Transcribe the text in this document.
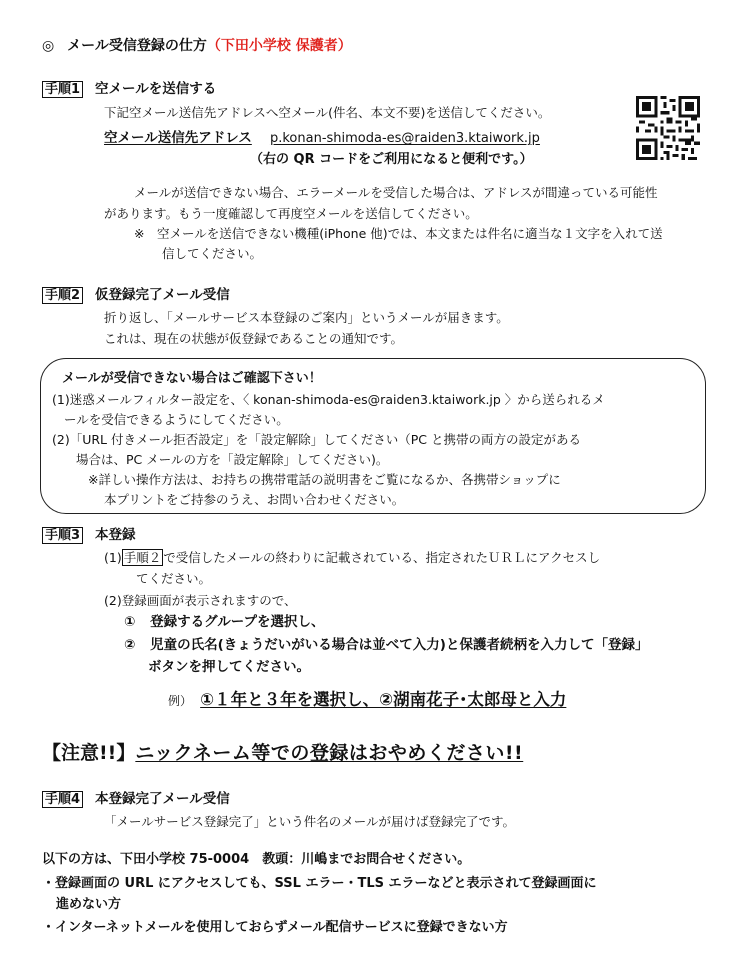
◎ メール受信登録の仕方（下田小学校 保護者）
手順1 空メールを送信する
下記空メール送信先アドレスへ空メール(件名、本文不要)を送信してください。
空メール送信先アドレス p.konan-shimoda-es@raiden3.ktaiwork.jp
（右の QR コードをご利用になると便利です。）
メールが送信できない場合、エラーメールを受信した場合は、アドレスが間違っている可能性
があります。もう一度確認して再度空メールを送信してください。
※　空メールを送信できない機種(iPhone 他)では、本文または件名に適当な１文字を入れて送
信してください。
手順2 仮登録完了メール受信
折り返し、「メールサービス本登録のご案内」というメールが届きます。
これは、現在の状態が仮登録であることの通知です。
メールが受信できない場合はご確認下さい！
(1)迷惑メールフィルター設定を、〈 konan-shimoda-es@raiden3.ktaiwork.jp 〉から送られるメ
ールを受信できるようにしてください。
(2)「URL 付きメール拒否設定」を「設定解除」してください（PC と携帯の両方の設定がある
場合は、PC メールの方を「設定解除」してください)。
※詳しい操作方法は、お持ちの携帯電話の説明書をご覧になるか、各携帯ショップに
本プリントをご持参のうえ、お問い合わせください。
手順3 本登録
(1) 手順２ で受信したメールの終わりに記載されている、指定されたＵＲＬにアクセスし
てください。
(2)登録画面が表示されますので、
① 登録するグループを選択し、
② 児童の氏名(きょうだいがいる場合は並べて入力)と保護者続柄を入力して「登録」
ボタンを押してください。
例） ①１年と３年を選択し、②湖南花子･太郎母と入力
【注意!!】ニックネーム等での登録はおやめください!!
手順4 本登録完了メール受信
「メールサービス登録完了」という件名のメールが届けば登録完了です。
以下の方は、下田小学校 75-0004　教頭：川嶋までお問合せください。
・登録画面の URL にアクセスしても、SSL エラー・TLS エラーなどと表示されて登録画面に
進めない方
・インターネットメールを使用しておらずメール配信サービスに登録できない方
